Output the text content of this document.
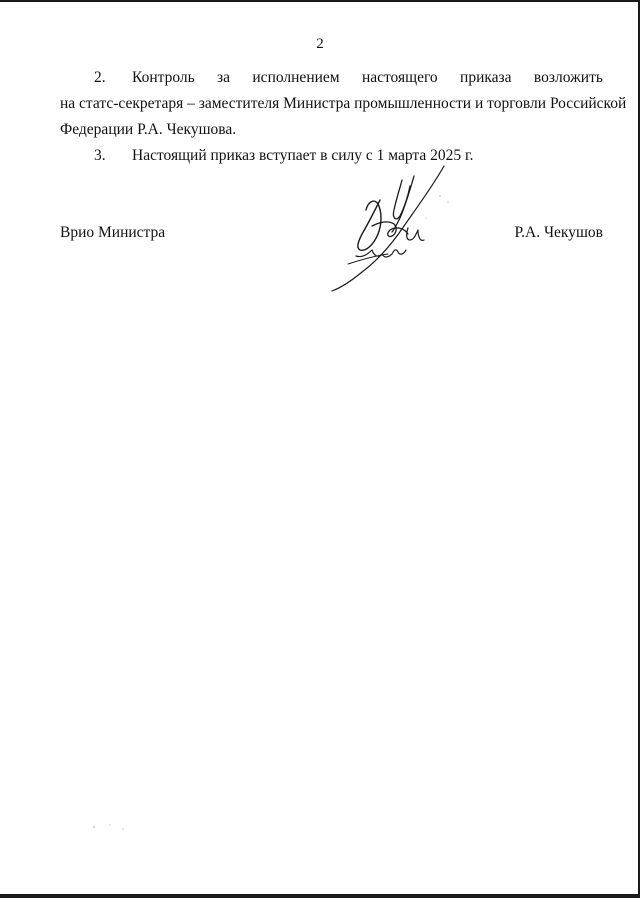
2
2. Контроль за исполнением настоящего приказа возложить
на статс-секретаря – заместителя Министра промышленности и торговли Российской
Федерации Р.А. Чекушова.
3. Настоящий приказ вступает в силу с 1 марта 2025 г.
Врио Министра	Р.А. Чекушов
